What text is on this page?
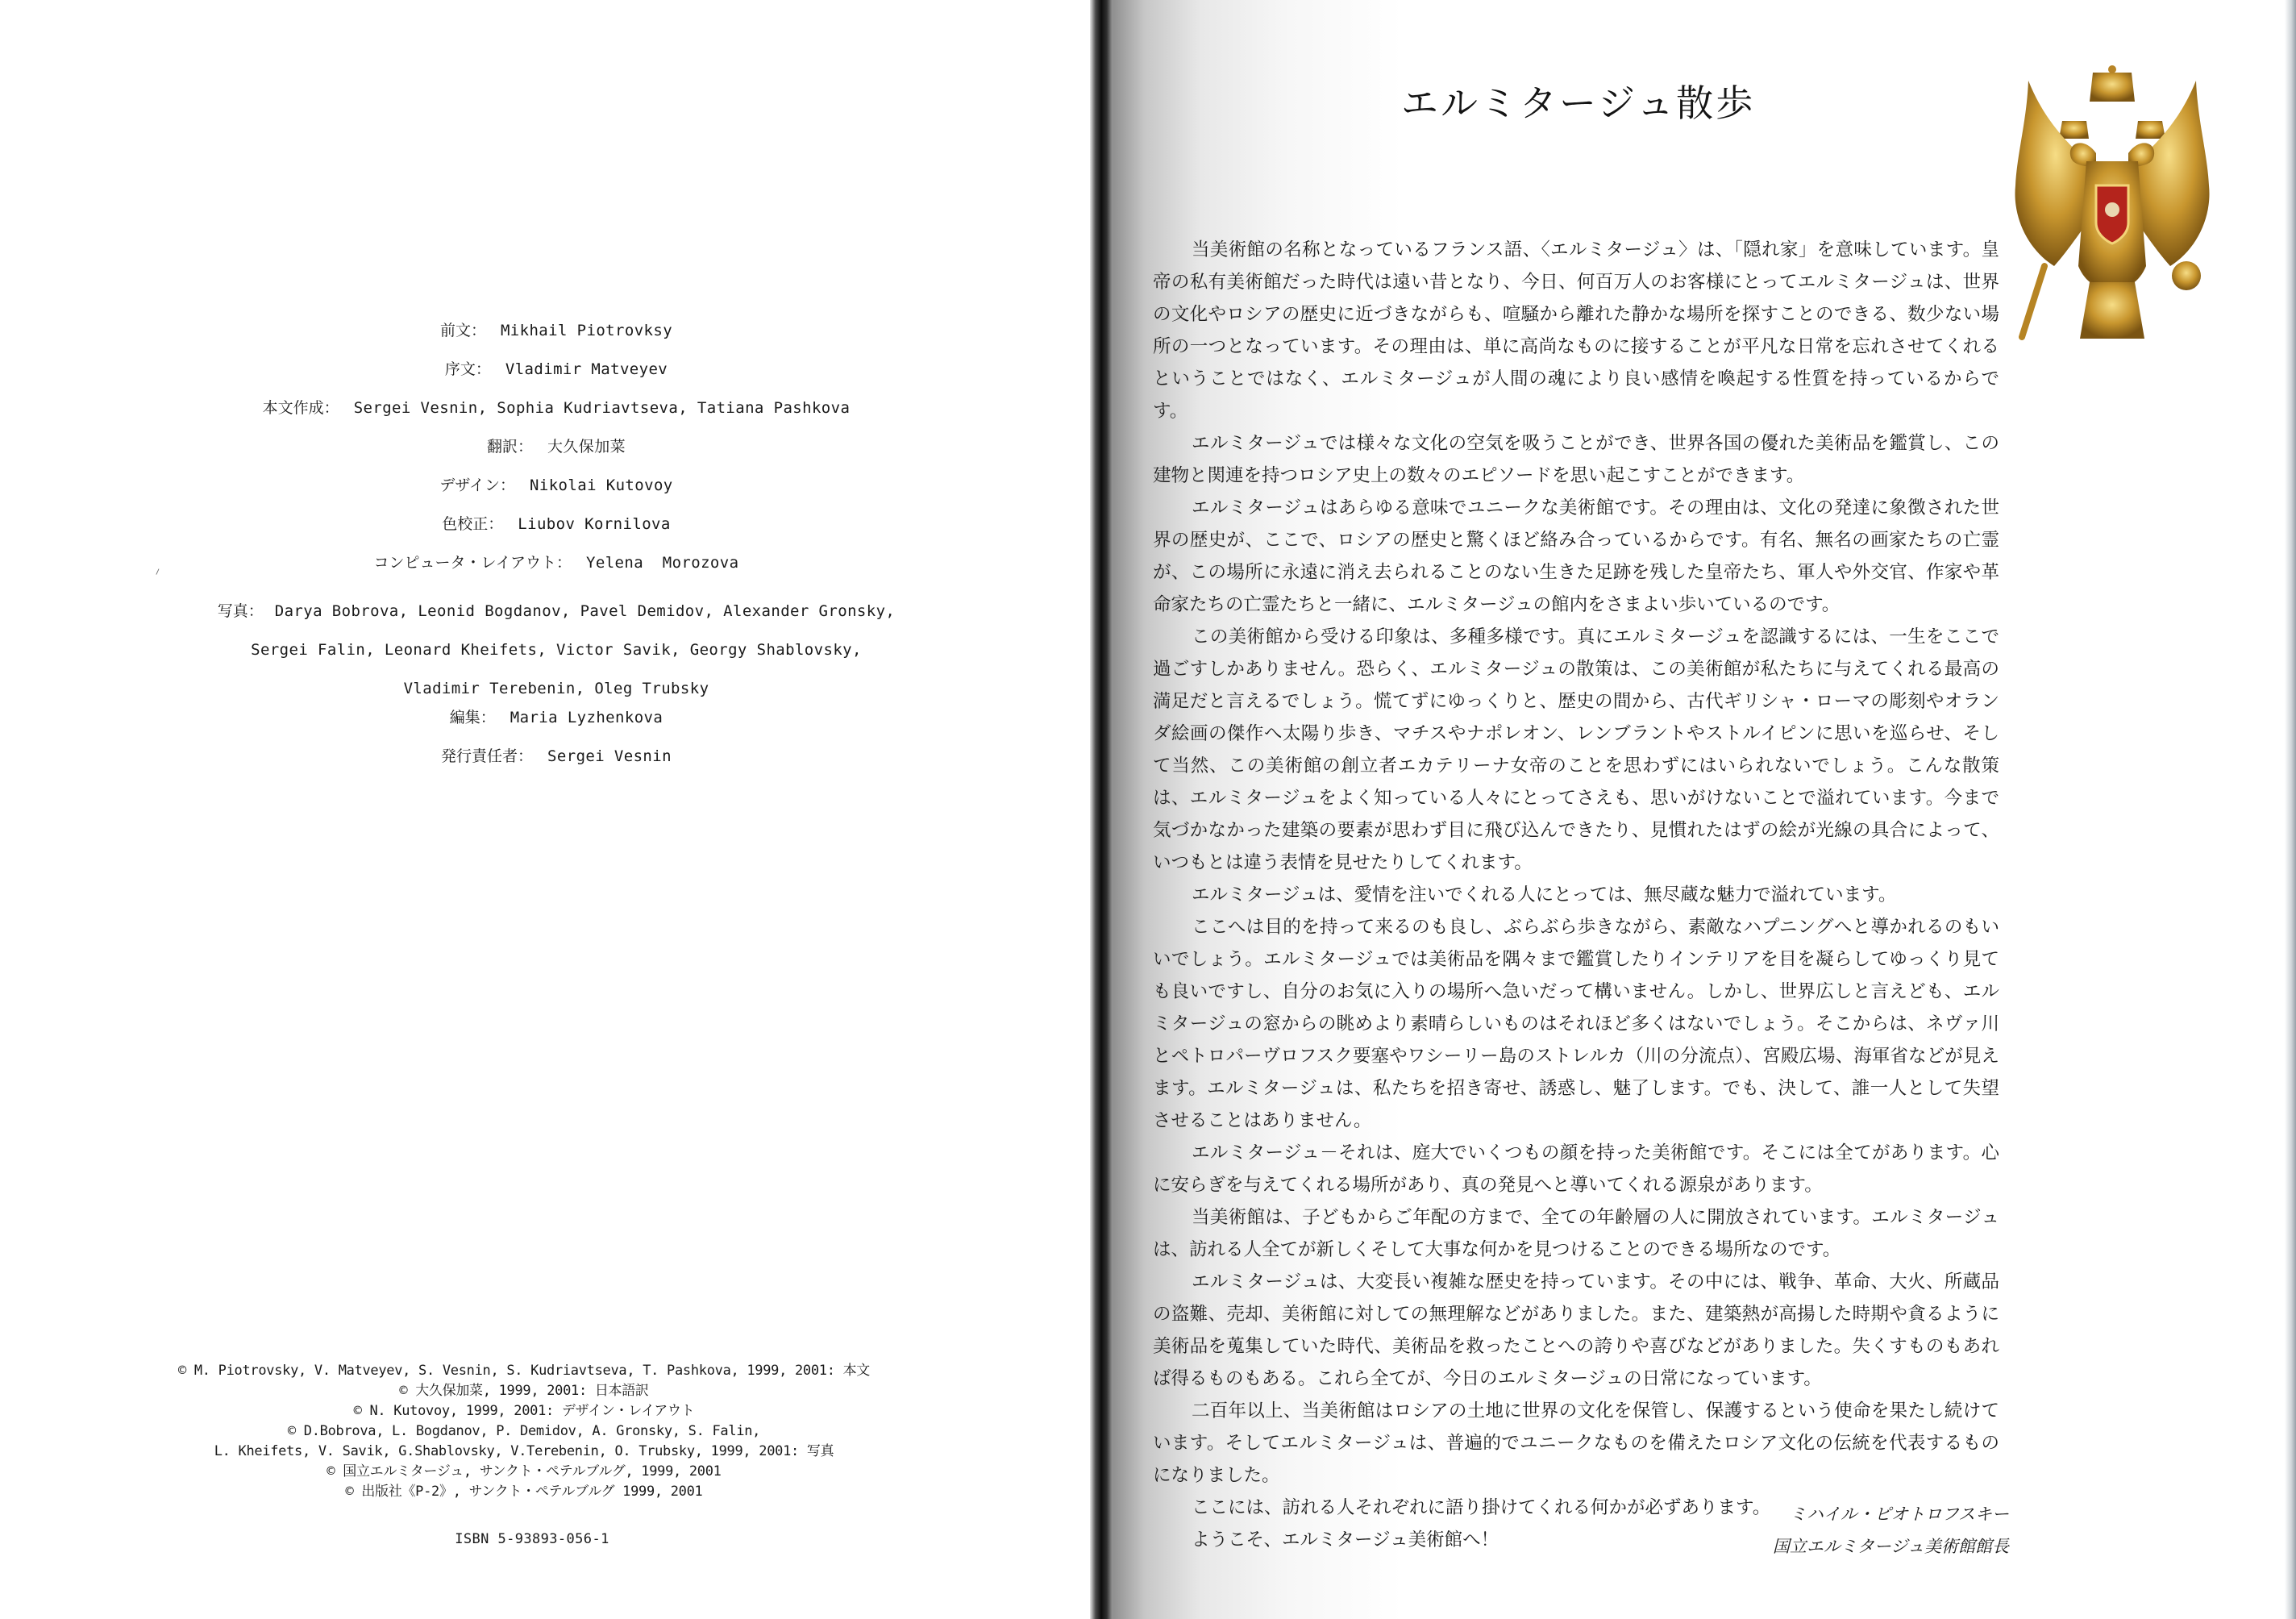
⸝
前文： Mikhail Piotrovksy
序文： Vladimir Matveyev
本文作成： Sergei Vesnin, Sophia Kudriavtseva, Tatiana Pashkova
翻訳： 大久保加菜
デザイン： Nikolai Kutovoy
色校正： Liubov Kornilova
コンピュータ・レイアウト： Yelena  Morozova
写真： Darya Bobrova, Leonid Bogdanov, Pavel Demidov, Alexander Gronsky,
Sergei Falin, Leonard Kheifets, Victor Savik, Georgy Shablovsky,
Vladimir Terebenin, Oleg Trubsky
編集： Maria Lyzhenkova
発行責任者： Sergei Vesnin
© M. Piotrovsky, V. Matveyev, S. Vesnin, S. Kudriavtseva, T. Pashkova, 1999, 2001: 本文
© 大久保加菜, 1999, 2001: 日本語訳
© N. Kutovoy, 1999, 2001: デザイン・レイアウト
© D.Bobrova, L. Bogdanov, P. Demidov, A. Gronsky, S. Falin,
L. Kheifets, V. Savik, G.Shablovsky, V.Terebenin, O. Trubsky, 1999, 2001: 写真
© 国立エルミタージュ, サンクト・ペテルブルグ, 1999, 2001
© 出版社《P-2》, サンクト・ペテルブルグ 1999, 2001
ISBN 5-93893-056-1
エルミタージュ散歩

当美術館の名称となっているフランス語、〈エルミタージュ〉は、「隠れ家」を意味しています。皇帝の私有美術館だった時代は遠い昔となり、今日、何百万人のお客様にとってエルミタージュは、世界の文化やロシアの歴史に近づきながらも、喧騒から離れた静かな場所を探すことのできる、数少ない場所の一つとなっています。その理由は、単に高尚なものに接することが平凡な日常を忘れさせてくれるということではなく、エルミタージュが人間の魂により良い感情を喚起する性質を持っているからです。

エルミタージュでは様々な文化の空気を吸うことができ、世界各国の優れた美術品を鑑賞し、この建物と関連を持つロシア史上の数々のエピソードを思い起こすことができます。

エルミタージュはあらゆる意味でユニークな美術館です。その理由は、文化の発達に象徴された世界の歴史が、ここで、ロシアの歴史と驚くほど絡み合っているからです。有名、無名の画家たちの亡霊が、この場所に永遠に消え去られることのない生きた足跡を残した皇帝たち、軍人や外交官、作家や革命家たちの亡霊たちと一緒に、エルミタージュの館内をさまよい歩いているのです。

この美術館から受ける印象は、多種多様です。真にエルミタージュを認識するには、一生をここで過ごすしかありません。恐らく、エルミタージュの散策は、この美術館が私たちに与えてくれる最高の満足だと言えるでしょう。慌てずにゆっくりと、歴史の間から、古代ギリシャ・ローマの彫刻やオランダ絵画の傑作へ太陽り歩き、マチスやナポレオン、レンブラントやストルイピンに思いを巡らせ、そして当然、この美術館の創立者エカテリーナ女帝のことを思わずにはいられないでしょう。こんな散策は、エルミタージュをよく知っている人々にとってさえも、思いがけないことで溢れています。今まで気づかなかった建築の要素が思わず目に飛び込んできたり、見慣れたはずの絵が光線の具合によって、いつもとは違う表情を見せたりしてくれます。

エルミタージュは、愛情を注いでくれる人にとっては、無尽蔵な魅力で溢れています。

ここへは目的を持って来るのも良し、ぶらぶら歩きながら、素敵なハプニングへと導かれるのもいいでしょう。エルミタージュでは美術品を隅々まで鑑賞したりインテリアを目を凝らしてゆっくり見ても良いですし、自分のお気に入りの場所へ急いだって構いません。しかし、世界広しと言えども、エルミタージュの窓からの眺めより素晴らしいものはそれほど多くはないでしょう。そこからは、ネヴァ川とペトロパーヴロフスク要塞やワシーリー島のストレルカ（川の分流点）、宮殿広場、海軍省などが見えます。エルミタージュは、私たちを招き寄せ、誘惑し、魅了します。でも、決して、誰一人として失望させることはありません。

エルミタージュ－それは、庭大でいくつもの顔を持った美術館です。そこには全てがあります。心に安らぎを与えてくれる場所があり、真の発見へと導いてくれる源泉があります。

当美術館は、子どもからご年配の方まで、全ての年齢層の人に開放されています。エルミタージュは、訪れる人全てが新しくそして大事な何かを見つけることのできる場所なのです。

エルミタージュは、大変長い複雑な歴史を持っています。その中には、戦争、革命、大火、所蔵品の盗難、売却、美術館に対しての無理解などがありました。また、建築熱が高揚した時期や貪るように美術品を蒐集していた時代、美術品を救ったことへの誇りや喜びなどがありました。失くすものもあれば得るものもある。これら全てが、今日のエルミタージュの日常になっています。

二百年以上、当美術館はロシアの土地に世界の文化を保管し、保護するという使命を果たし続けています。そしてエルミタージュは、普遍的でユニークなものを備えたロシア文化の伝統を代表するものになりました。

ここには、訪れる人それぞれに語り掛けてくれる何かが必ずあります。

ようこそ、エルミタージュ美術館へ！

ミハイル・ピオトロフスキー
国立エルミタージュ美術館館長
